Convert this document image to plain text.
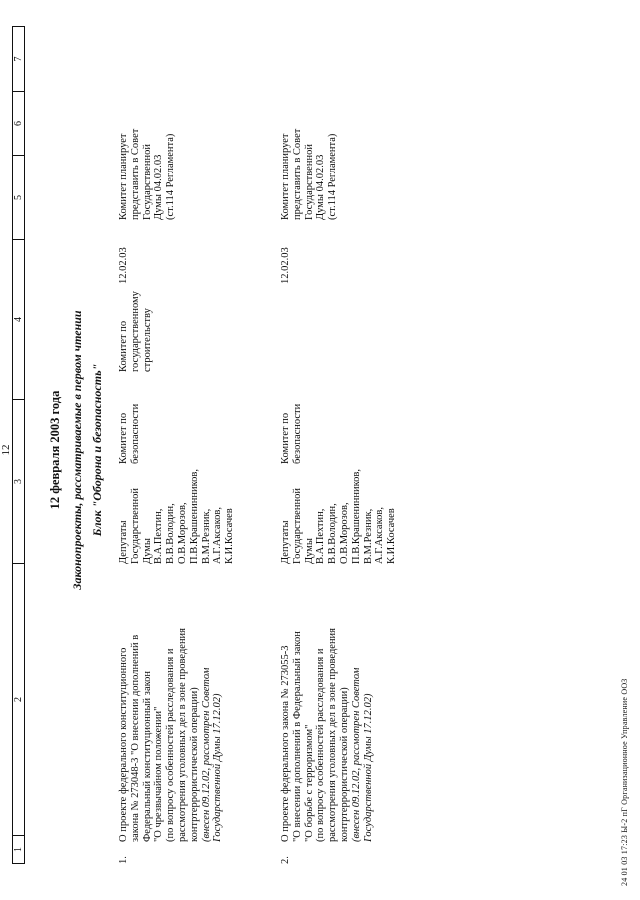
12
1
2
3
4
5
6
7
12 февраля 2003 года Законопроекты, рассматриваемые в первом чтении Блок "Оборона и безопасность"
1.
О проекте федерального конституционного закона № 273048-3 "О внесении дополнений в Федеральный конституционный закон "О чрезвычайном положении" (по вопросу особенностей расследования и рассмотрения уголовных дел в зоне проведения контртеррористической операции) (внесен 09.12.02, рассмотрен Советом Государственной Думы 17.12.02)
Депутаты Государственной Думы В.А.Пехтин, В.В.Володин, О.В.Морозов, П.В.Крашенинников, В.М.Резник, А.Г.Аксаков, К.И.Косачев
Комитет по безопасности
Комитет по государственному строительству
12.02.03
Комитет планирует представить в Совет Государственной Думы 04.02.03 (ст.114 Регламента)
2.
О проекте федерального закона № 273055-3 "О внесении дополнений в Федеральный закон "О борьбе с терроризмом" (по вопросу особенностей расследования и рассмотрения уголовных дел в зоне проведения контртеррористической операции) (внесен 09.12.02, рассмотрен Советом Государственной Думы 17.12.02)
Депутаты Государственной Думы В.А.Пехтин, В.В.Володин, О.В.Морозов, П.В.Крашенинников, В.М.Резник, А.Г.Аксаков, К.И.Косачев
Комитет по безопасности
12.02.03
Комитет планирует представить в Совет Государственной Думы 04.02.03 (ст.114 Регламента)
24 01 03 17:23 Ы-2 пГ Организационное Управление ООЗ
